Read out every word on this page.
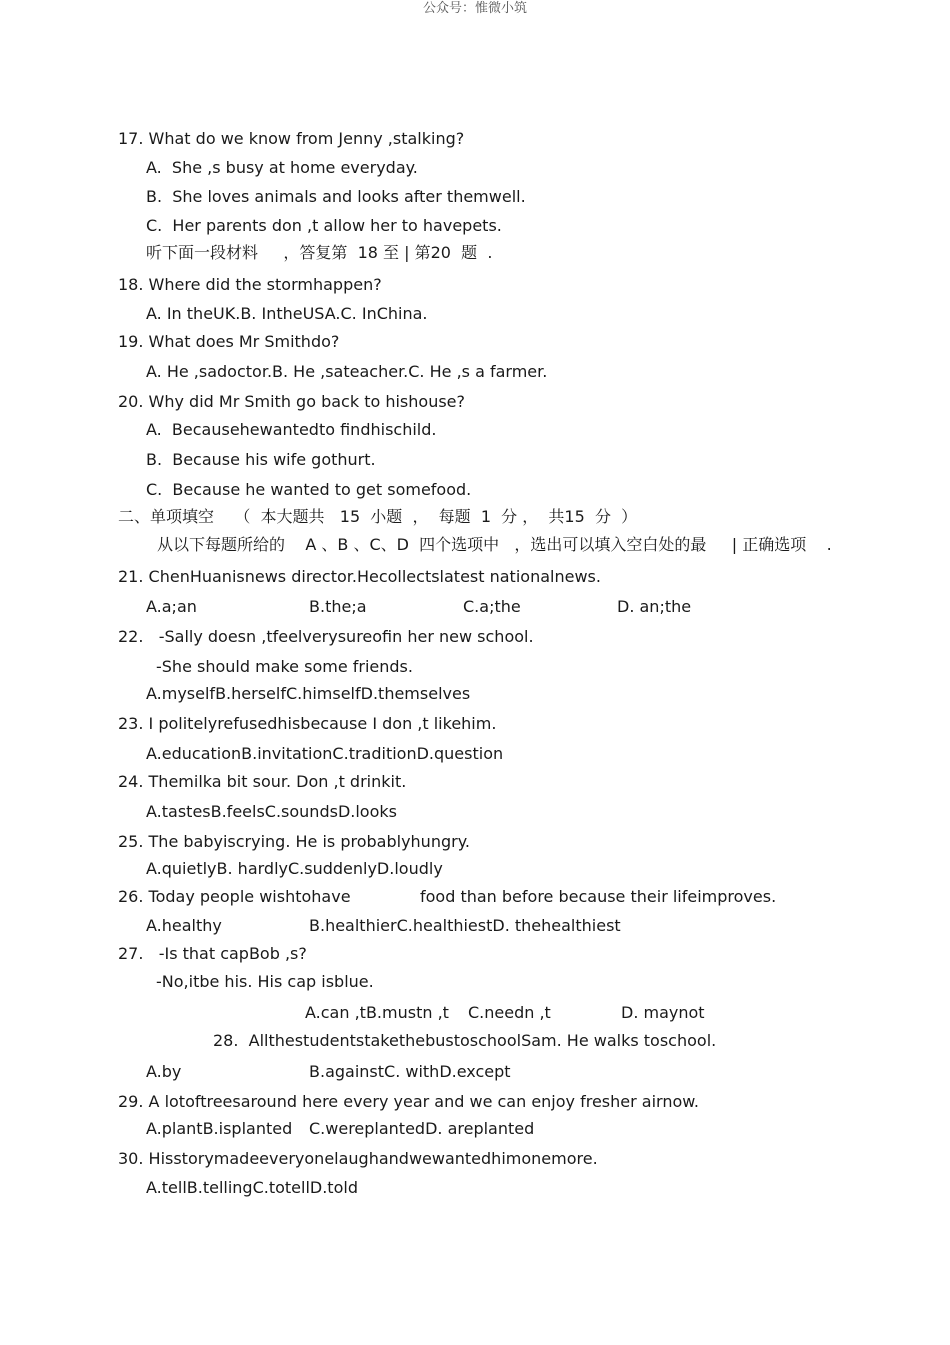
公众号：惟微小筑
17. What do we know from Jenny ,stalking?
A.  She ,s busy at home everyday.
B.  She loves animals and looks after themwell.
C.  Her parents don ,t allow her to havepets.
听下面一段材料     ，答复第  18 至 | 第20  题  .
18. Where did the stormhappen?
A. In theUK.B. IntheUSA.C. InChina.
19. What does Mr Smithdo?
A. He ,sadoctor.B. He ,sateacher.C. He ,s a farmer.
20. Why did Mr Smith go back to hishouse?
A.  Becausehewantedto findhischild.
B.  Because his wife gothurt.
C.  Because he wanted to get somefood.
二、单项填空    （  本大题共   15  小题  ，  每题  1  分 ，  共15  分  ）
从以下每题所给的    A 、B 、C、D  四个选项中   ，选出可以填入空白处的最     | 正确选项    .
21. ChenHuanisnews director.Hecollectslatest nationalnews.
A.a;an	B.the;a	C.a;the	D. an;the
22.   -Sally doesn ,tfeelverysureofin her new school.
-She should make some friends.
A.myselfB.herselfC.himselfD.themselves
23. I politelyrefusedhisbecause I don ,t likehim.
A.educationB.invitationC.traditionD.question
24. Themilka bit sour. Don ,t drinkit.
A.tastesB.feelsC.soundsD.looks
25. The babyiscrying. He is probablyhungry.
A.quietlyB. hardlyC.suddenlyD.loudly
26. Today people wishtohave	food than before because their lifeimproves.
A.healthy	B.healthierC.healthiestD. thehealthiest
27.   -Is that capBob ,s?
-No,itbe his. His cap isblue.
A.can ,tB.mustn ,t C.needn ,t	D. maynot
28.  AllthestudentstakethebustoschoolSam. He walks toschool.
A.by	B.againstC. withD.except
29. A lotoftreesaround here every year and we can enjoy fresher airnow.
A.plantB.isplanted C.wereplantedD. areplanted
30. Hisstorymadeeveryonelaughandwewantedhimonemore.
A.tellB.tellingC.totellD.told
